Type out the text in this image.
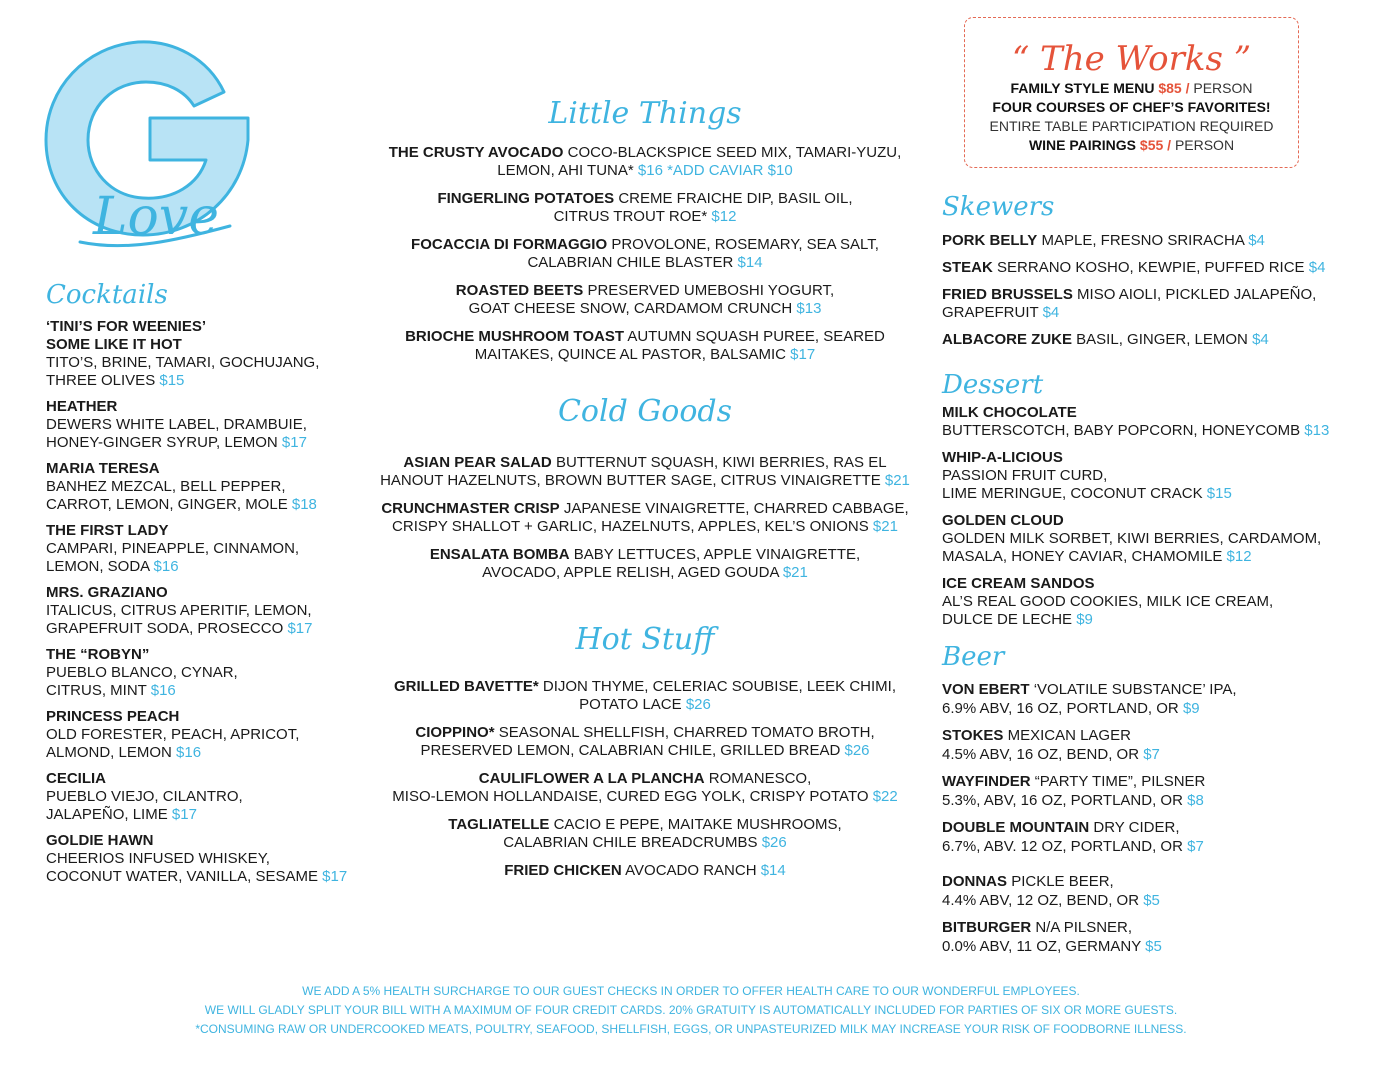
Love
“ The Works ”
FAMILY STYLE MENU $85 / PERSON
FOUR COURSES OF CHEF’S FAVORITES!
ENTIRE TABLE PARTICIPATION REQUIRED
WINE PAIRINGS $55 / PERSON
Cocktails
‘TINI’S FOR WEENIES’
SOME LIKE IT HOT
TITO’S, BRINE, TAMARI, GOCHUJANG,
THREE OLIVES $15
HEATHER
DEWERS WHITE LABEL, DRAMBUIE,
HONEY-GINGER SYRUP, LEMON $17
MARIA TERESA
BANHEZ MEZCAL, BELL PEPPER,
CARROT, LEMON, GINGER, MOLE $18
THE FIRST LADY
CAMPARI, PINEAPPLE, CINNAMON,
LEMON, SODA $16
MRS. GRAZIANO
ITALICUS, CITRUS APERITIF, LEMON,
GRAPEFRUIT SODA, PROSECCO $17
THE “ROBYN”
PUEBLO BLANCO, CYNAR,
CITRUS, MINT $16
PRINCESS PEACH
OLD FORESTER, PEACH, APRICOT,
ALMOND, LEMON $16
CECILIA
PUEBLO VIEJO, CILANTRO,
JALAPEÑO, LIME $17
GOLDIE HAWN
CHEERIOS INFUSED WHISKEY,
COCONUT WATER, VANILLA, SESAME $17
Little Things
THE CRUSTY AVOCADO COCO-BLACKSPICE SEED MIX, TAMARI-YUZU,
LEMON, AHI TUNA* $16 *ADD CAVIAR $10
FINGERLING POTATOES CREME FRAICHE DIP, BASIL OIL,
CITRUS TROUT ROE* $12
FOCACCIA DI FORMAGGIO PROVOLONE, ROSEMARY, SEA SALT,
CALABRIAN CHILE BLASTER $14
ROASTED BEETS PRESERVED UMEBOSHI YOGURT,
GOAT CHEESE SNOW, CARDAMOM CRUNCH $13
BRIOCHE MUSHROOM TOAST AUTUMN SQUASH PUREE, SEARED
MAITAKES, QUINCE AL PASTOR, BALSAMIC $17
Cold Goods
ASIAN PEAR SALAD BUTTERNUT SQUASH, KIWI BERRIES, RAS EL
HANOUT HAZELNUTS, BROWN BUTTER SAGE, CITRUS VINAIGRETTE $21
CRUNCHMASTER CRISP JAPANESE VINAIGRETTE, CHARRED CABBAGE,
CRISPY SHALLOT + GARLIC, HAZELNUTS, APPLES, KEL’S ONIONS $21
ENSALATA BOMBA BABY LETTUCES, APPLE VINAIGRETTE,
AVOCADO, APPLE RELISH, AGED GOUDA $21
Hot Stuff
GRILLED BAVETTE* DIJON THYME, CELERIAC SOUBISE, LEEK CHIMI,
POTATO LACE $26
CIOPPINO* SEASONAL SHELLFISH, CHARRED TOMATO BROTH,
PRESERVED LEMON, CALABRIAN CHILE, GRILLED BREAD $26
CAULIFLOWER A LA PLANCHA ROMANESCO,
MISO-LEMON HOLLANDAISE, CURED EGG YOLK, CRISPY POTATO $22
TAGLIATELLE CACIO E PEPE, MAITAKE MUSHROOMS,
CALABRIAN CHILE BREADCRUMBS $26
FRIED CHICKEN AVOCADO RANCH $14
Skewers
PORK BELLY MAPLE, FRESNO SRIRACHA $4
STEAK SERRANO KOSHO, KEWPIE, PUFFED RICE $4
FRIED BRUSSELS MISO AIOLI, PICKLED JALAPEÑO,
GRAPEFRUIT $4
ALBACORE ZUKE BASIL, GINGER, LEMON $4
Dessert
MILK CHOCOLATE
BUTTERSCOTCH, BABY POPCORN, HONEYCOMB $13
WHIP-A-LICIOUS
PASSION FRUIT CURD,
LIME MERINGUE, COCONUT CRACK $15
GOLDEN CLOUD
GOLDEN MILK SORBET, KIWI BERRIES, CARDAMOM,
MASALA, HONEY CAVIAR, CHAMOMILE $12
ICE CREAM SANDOS
AL’S REAL GOOD COOKIES, MILK ICE CREAM,
DULCE DE LECHE $9
Beer
VON EBERT ‘VOLATILE SUBSTANCE’ IPA,
6.9% ABV, 16 OZ, PORTLAND, OR $9
STOKES MEXICAN LAGER
4.5% ABV, 16 OZ, BEND, OR $7
WAYFINDER “PARTY TIME”, PILSNER
5.3%, ABV, 16 OZ, PORTLAND, OR $8
DOUBLE MOUNTAIN DRY CIDER,
6.7%, ABV. 12 OZ, PORTLAND, OR $7
DONNAS PICKLE BEER,
4.4% ABV, 12 OZ, BEND, OR $5
BITBURGER N/A PILSNER,
0.0% ABV, 11 OZ, GERMANY $5
WE ADD A 5% HEALTH SURCHARGE TO OUR GUEST CHECKS IN ORDER TO OFFER HEALTH CARE TO OUR WONDERFUL EMPLOYEES.
WE WILL GLADLY SPLIT YOUR BILL WITH A MAXIMUM OF FOUR CREDIT CARDS. 20% GRATUITY IS AUTOMATICALLY INCLUDED FOR PARTIES OF SIX OR MORE GUESTS.
*CONSUMING RAW OR UNDERCOOKED MEATS, POULTRY, SEAFOOD, SHELLFISH, EGGS, OR UNPASTEURIZED MILK MAY INCREASE YOUR RISK OF FOODBORNE ILLNESS.
